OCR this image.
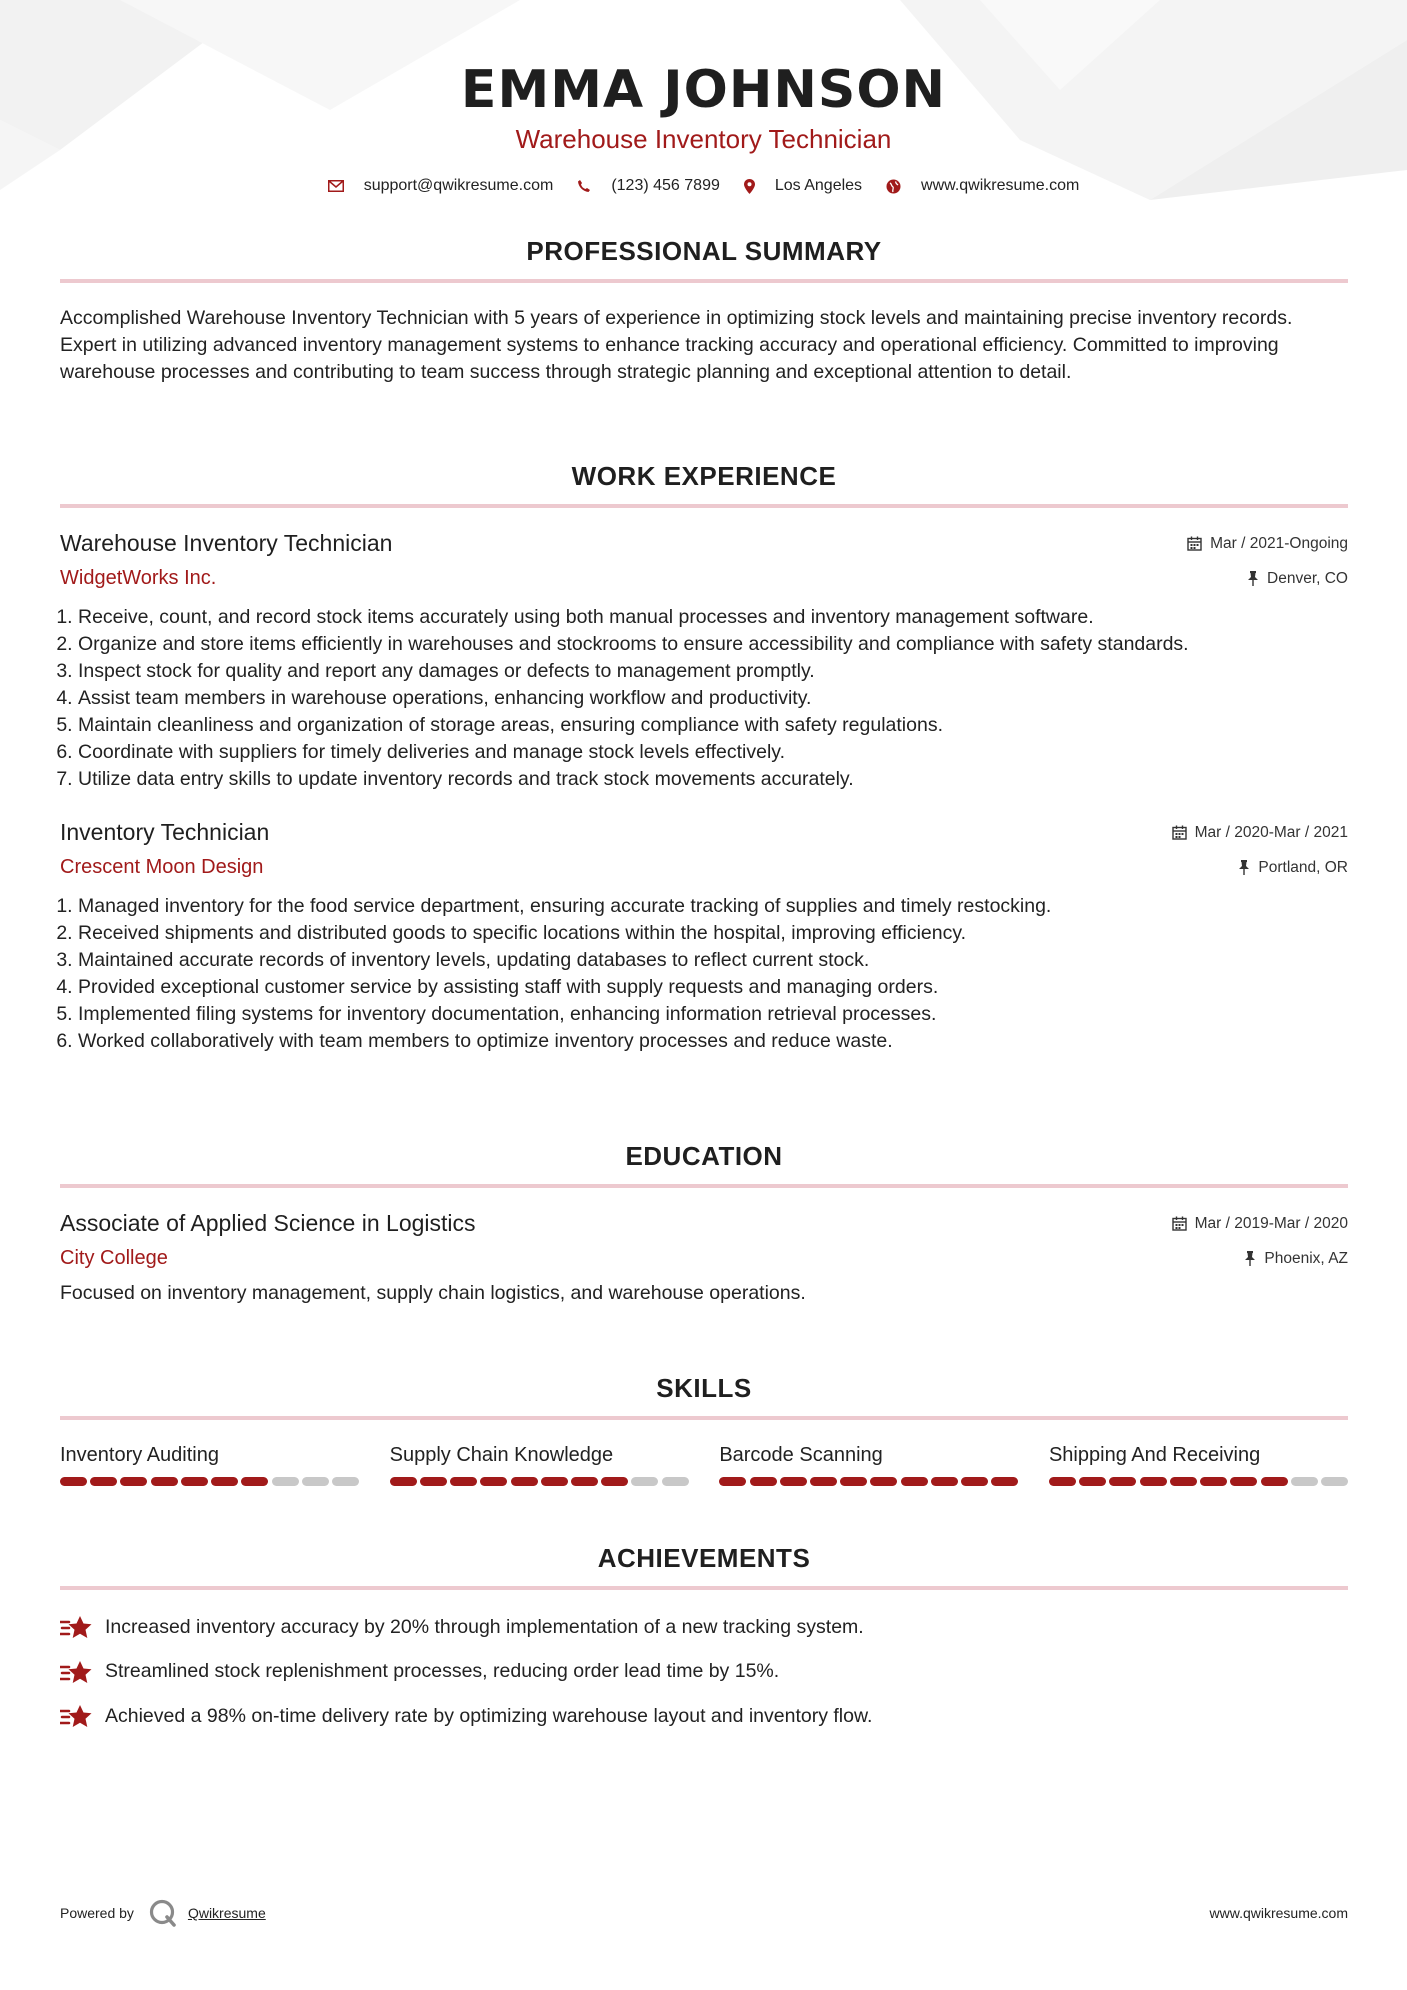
EMMA JOHNSON
Warehouse Inventory Technician
support@qwikresume.com	(123) 456 7899	Los Angeles	www.qwikresume.com
PROFESSIONAL SUMMARY
Accomplished Warehouse Inventory Technician with 5 years of experience in optimizing stock levels and maintaining precise inventory records. Expert in utilizing advanced inventory management systems to enhance tracking accuracy and operational efficiency. Committed to improving warehouse processes and contributing to team success through strategic planning and exceptional attention to detail.
WORK EXPERIENCE
Warehouse Inventory Technician	Mar / 2021-Ongoing
WidgetWorks Inc.	Denver, CO
1. Receive, count, and record stock items accurately using both manual processes and inventory management software.
2. Organize and store items efficiently in warehouses and stockrooms to ensure accessibility and compliance with safety standards.
3. Inspect stock for quality and report any damages or defects to management promptly.
4. Assist team members in warehouse operations, enhancing workflow and productivity.
5. Maintain cleanliness and organization of storage areas, ensuring compliance with safety regulations.
6. Coordinate with suppliers for timely deliveries and manage stock levels effectively.
7. Utilize data entry skills to update inventory records and track stock movements accurately.
Inventory Technician	Mar / 2020-Mar / 2021
Crescent Moon Design	Portland, OR
1. Managed inventory for the food service department, ensuring accurate tracking of supplies and timely restocking.
2. Received shipments and distributed goods to specific locations within the hospital, improving efficiency.
3. Maintained accurate records of inventory levels, updating databases to reflect current stock.
4. Provided exceptional customer service by assisting staff with supply requests and managing orders.
5. Implemented filing systems for inventory documentation, enhancing information retrieval processes.
6. Worked collaboratively with team members to optimize inventory processes and reduce waste.
EDUCATION
Associate of Applied Science in Logistics	Mar / 2019-Mar / 2020
City College	Phoenix, AZ
Focused on inventory management, supply chain logistics, and warehouse operations.
SKILLS
Inventory Auditing	Supply Chain Knowledge	Barcode Scanning	Shipping And Receiving
ACHIEVEMENTS
Increased inventory accuracy by 20% through implementation of a new tracking system.
Streamlined stock replenishment processes, reducing order lead time by 15%.
Achieved a 98% on-time delivery rate by optimizing warehouse layout and inventory flow.
Powered by	Qwikresume	www.qwikresume.com
